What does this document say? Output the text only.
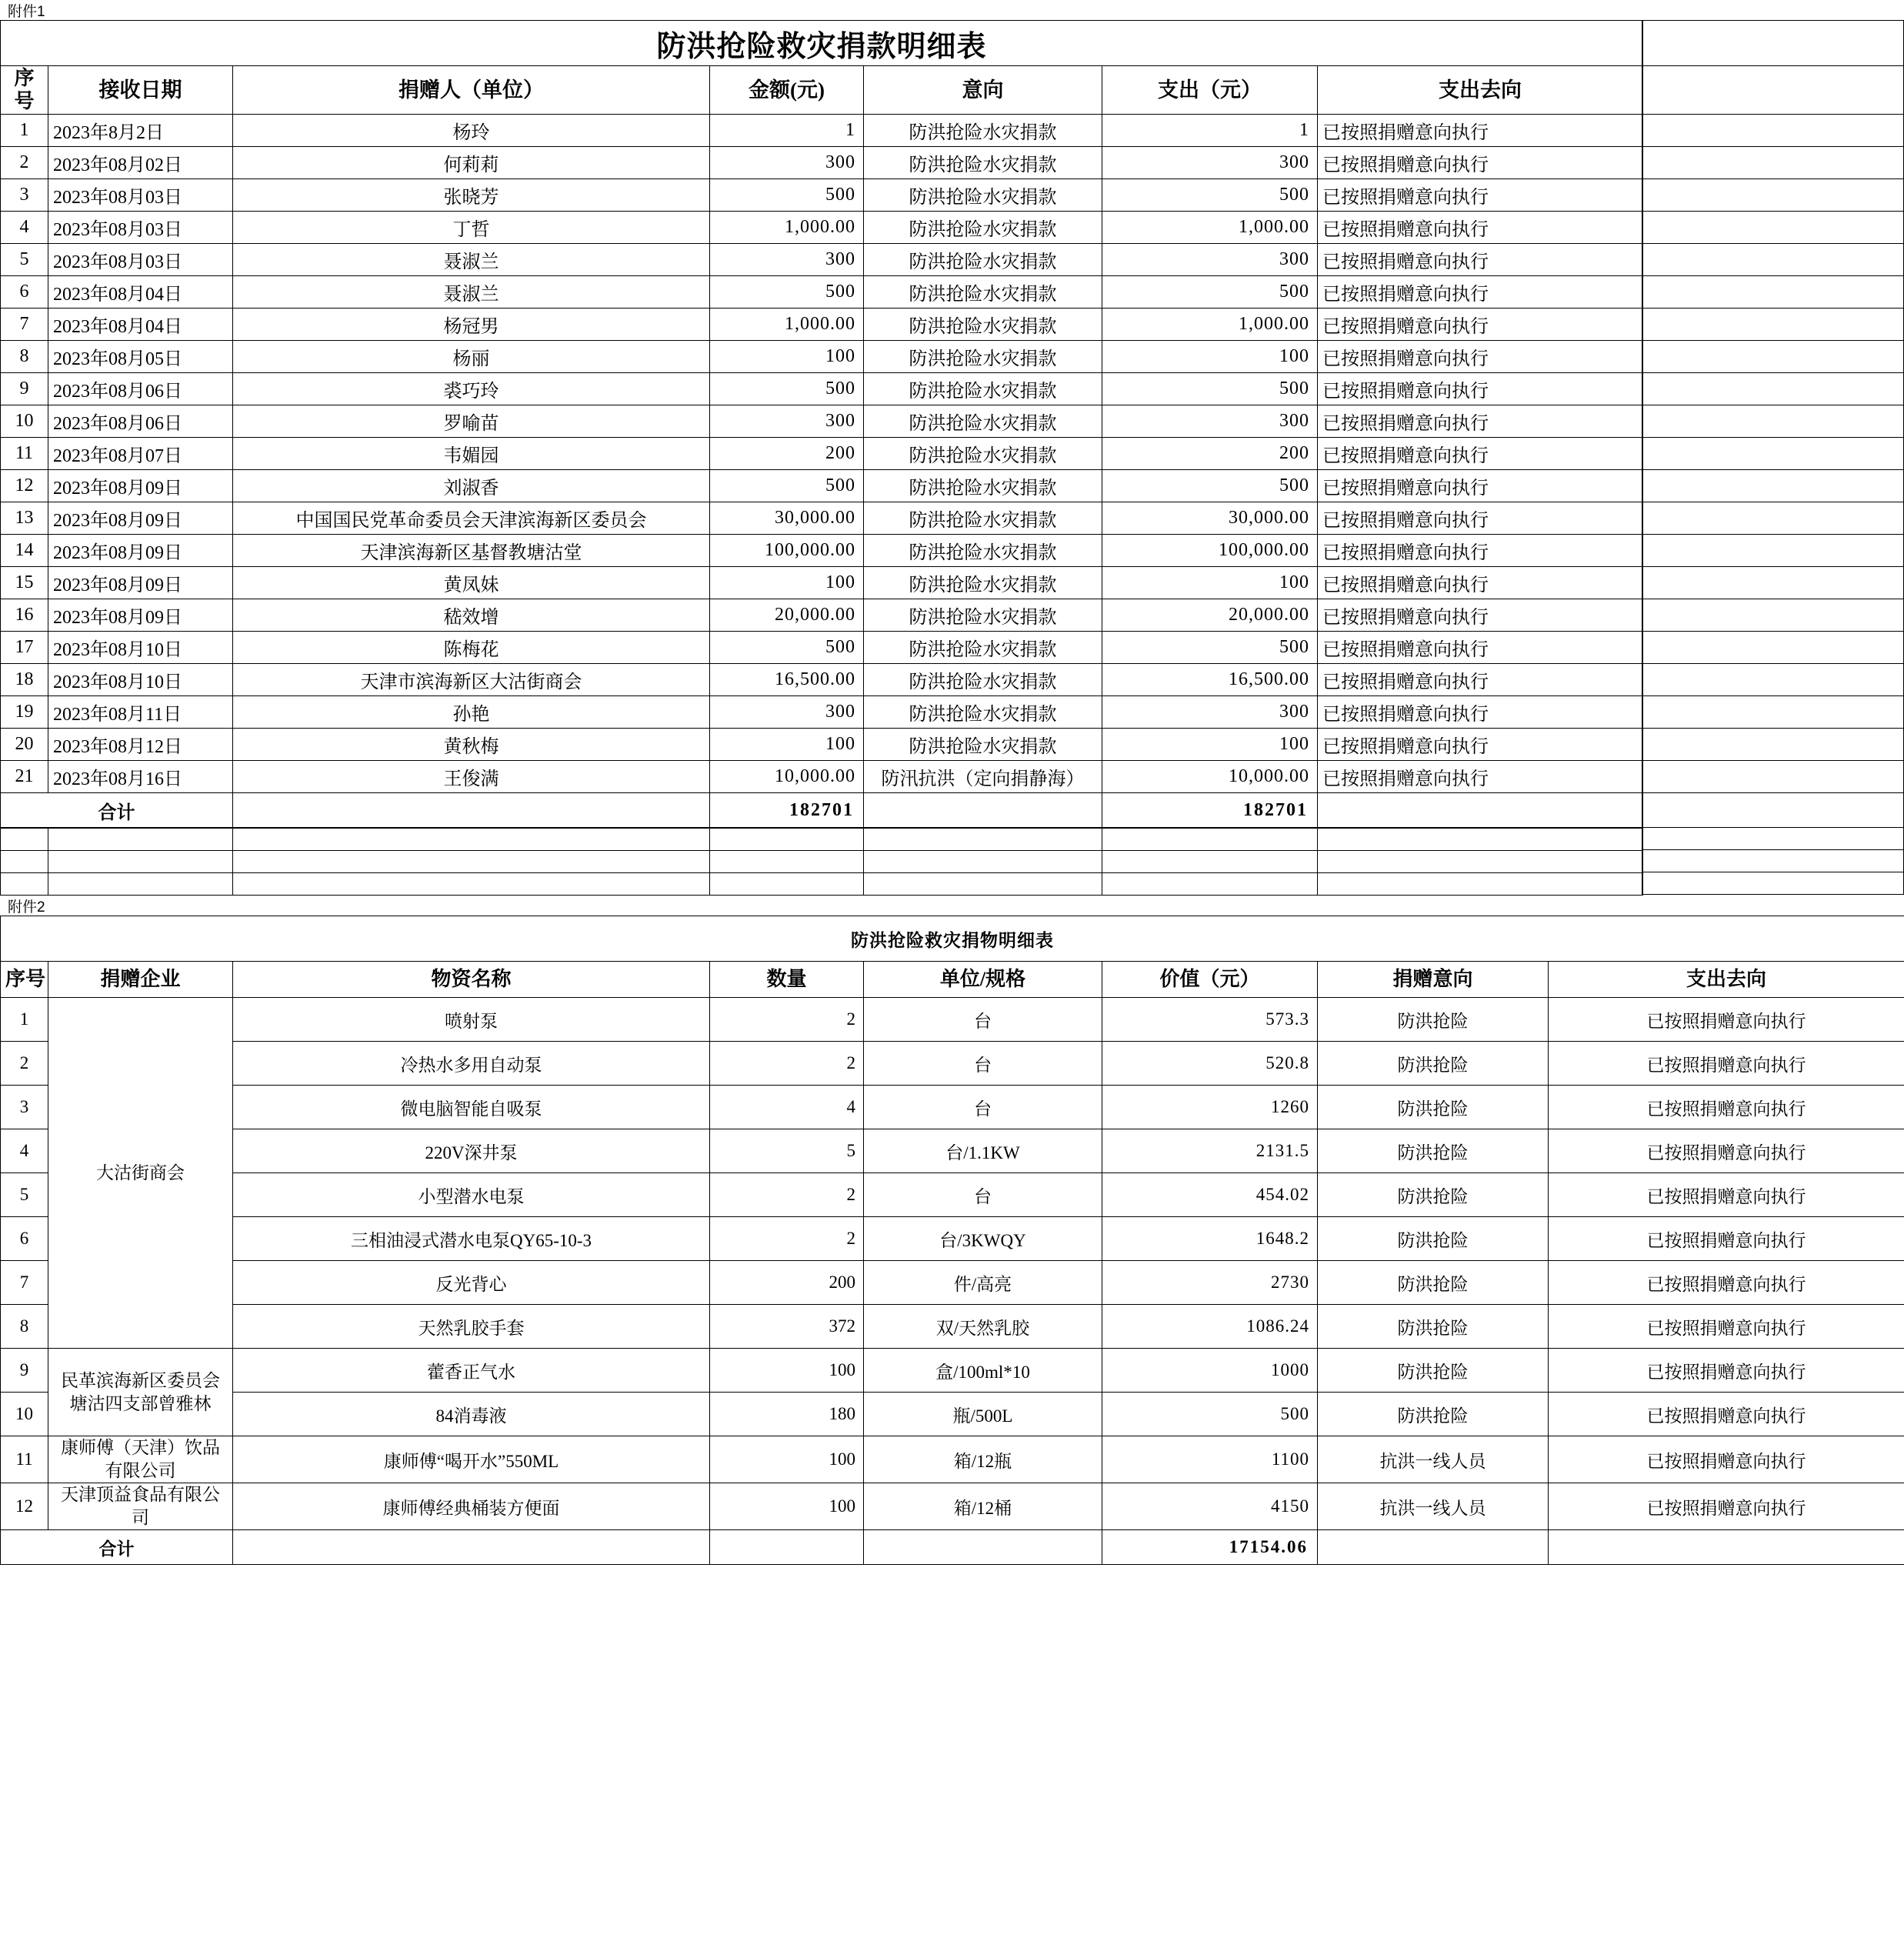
附件1
防洪抢险救灾捐款明细表						
序号	接收日期	捐赠人（单位）	金额(元)	意向	支出（元）	支出去向
1	2023年8月2日	杨玲	1	防洪抢险水灾捐款	1	已按照捐赠意向执行
2	2023年08月02日	何莉莉	300	防洪抢险水灾捐款	300	已按照捐赠意向执行
3	2023年08月03日	张晓芳	500	防洪抢险水灾捐款	500	已按照捐赠意向执行
4	2023年08月03日	丁哲	1,000.00	防洪抢险水灾捐款	1,000.00	已按照捐赠意向执行
5	2023年08月03日	聂淑兰	300	防洪抢险水灾捐款	300	已按照捐赠意向执行
6	2023年08月04日	聂淑兰	500	防洪抢险水灾捐款	500	已按照捐赠意向执行
7	2023年08月04日	杨冠男	1,000.00	防洪抢险水灾捐款	1,000.00	已按照捐赠意向执行
8	2023年08月05日	杨丽	100	防洪抢险水灾捐款	100	已按照捐赠意向执行
9	2023年08月06日	裘巧玲	500	防洪抢险水灾捐款	500	已按照捐赠意向执行
10	2023年08月06日	罗喻苗	300	防洪抢险水灾捐款	300	已按照捐赠意向执行
11	2023年08月07日	韦媚园	200	防洪抢险水灾捐款	200	已按照捐赠意向执行
12	2023年08月09日	刘淑香	500	防洪抢险水灾捐款	500	已按照捐赠意向执行
13	2023年08月09日	中国国民党革命委员会天津滨海新区委员会	30,000.00	防洪抢险水灾捐款	30,000.00	已按照捐赠意向执行
14	2023年08月09日	天津滨海新区基督教塘沽堂	100,000.00	防洪抢险水灾捐款	100,000.00	已按照捐赠意向执行
15	2023年08月09日	黄凤妹	100	防洪抢险水灾捐款	100	已按照捐赠意向执行
16	2023年08月09日	嵇效增	20,000.00	防洪抢险水灾捐款	20,000.00	已按照捐赠意向执行
17	2023年08月10日	陈梅花	500	防洪抢险水灾捐款	500	已按照捐赠意向执行
18	2023年08月10日	天津市滨海新区大沽街商会	16,500.00	防洪抢险水灾捐款	16,500.00	已按照捐赠意向执行
19	2023年08月11日	孙艳	300	防洪抢险水灾捐款	300	已按照捐赠意向执行
20	2023年08月12日	黄秋梅	100	防洪抢险水灾捐款	100	已按照捐赠意向执行
21	2023年08月16日	王俊满	10,000.00	防汛抗洪（定向捐静海）	10,000.00	已按照捐赠意向执行
合计			182701		182701	

附件2
防洪抢险救灾捐物明细表							
序号	捐赠企业	物资名称	数量	单位/规格	价值（元）	捐赠意向	支出去向
1	大沽街商会	喷射泵	2	台	573.3	防洪抢险	已按照捐赠意向执行
2		冷热水多用自动泵	2	台	520.8	防洪抢险	已按照捐赠意向执行
3		微电脑智能自吸泵	4	台	1260	防洪抢险	已按照捐赠意向执行
4		220V深井泵	5	台/1.1KW	2131.5	防洪抢险	已按照捐赠意向执行
5		小型潜水电泵	2	台	454.02	防洪抢险	已按照捐赠意向执行
6		三相油浸式潜水电泵QY65-10-3	2	台/3KWQY	1648.2	防洪抢险	已按照捐赠意向执行
7		反光背心	200	件/高亮	2730	防洪抢险	已按照捐赠意向执行
8		天然乳胶手套	372	双/天然乳胶	1086.24	防洪抢险	已按照捐赠意向执行
9	民革滨海新区委员会塘沽四支部曾雅林	藿香正气水	100	盒/100ml*10	1000	防洪抢险	已按照捐赠意向执行
10		84消毒液	180	瓶/500L	500	防洪抢险	已按照捐赠意向执行
11	康师傅（天津）饮品有限公司	康师傅“喝开水”550ML	100	箱/12瓶	1100	抗洪一线人员	已按照捐赠意向执行
12	天津顶益食品有限公司	康师傅经典桶装方便面	100	箱/12桶	4150	抗洪一线人员	已按照捐赠意向执行
合计					17154.06		
